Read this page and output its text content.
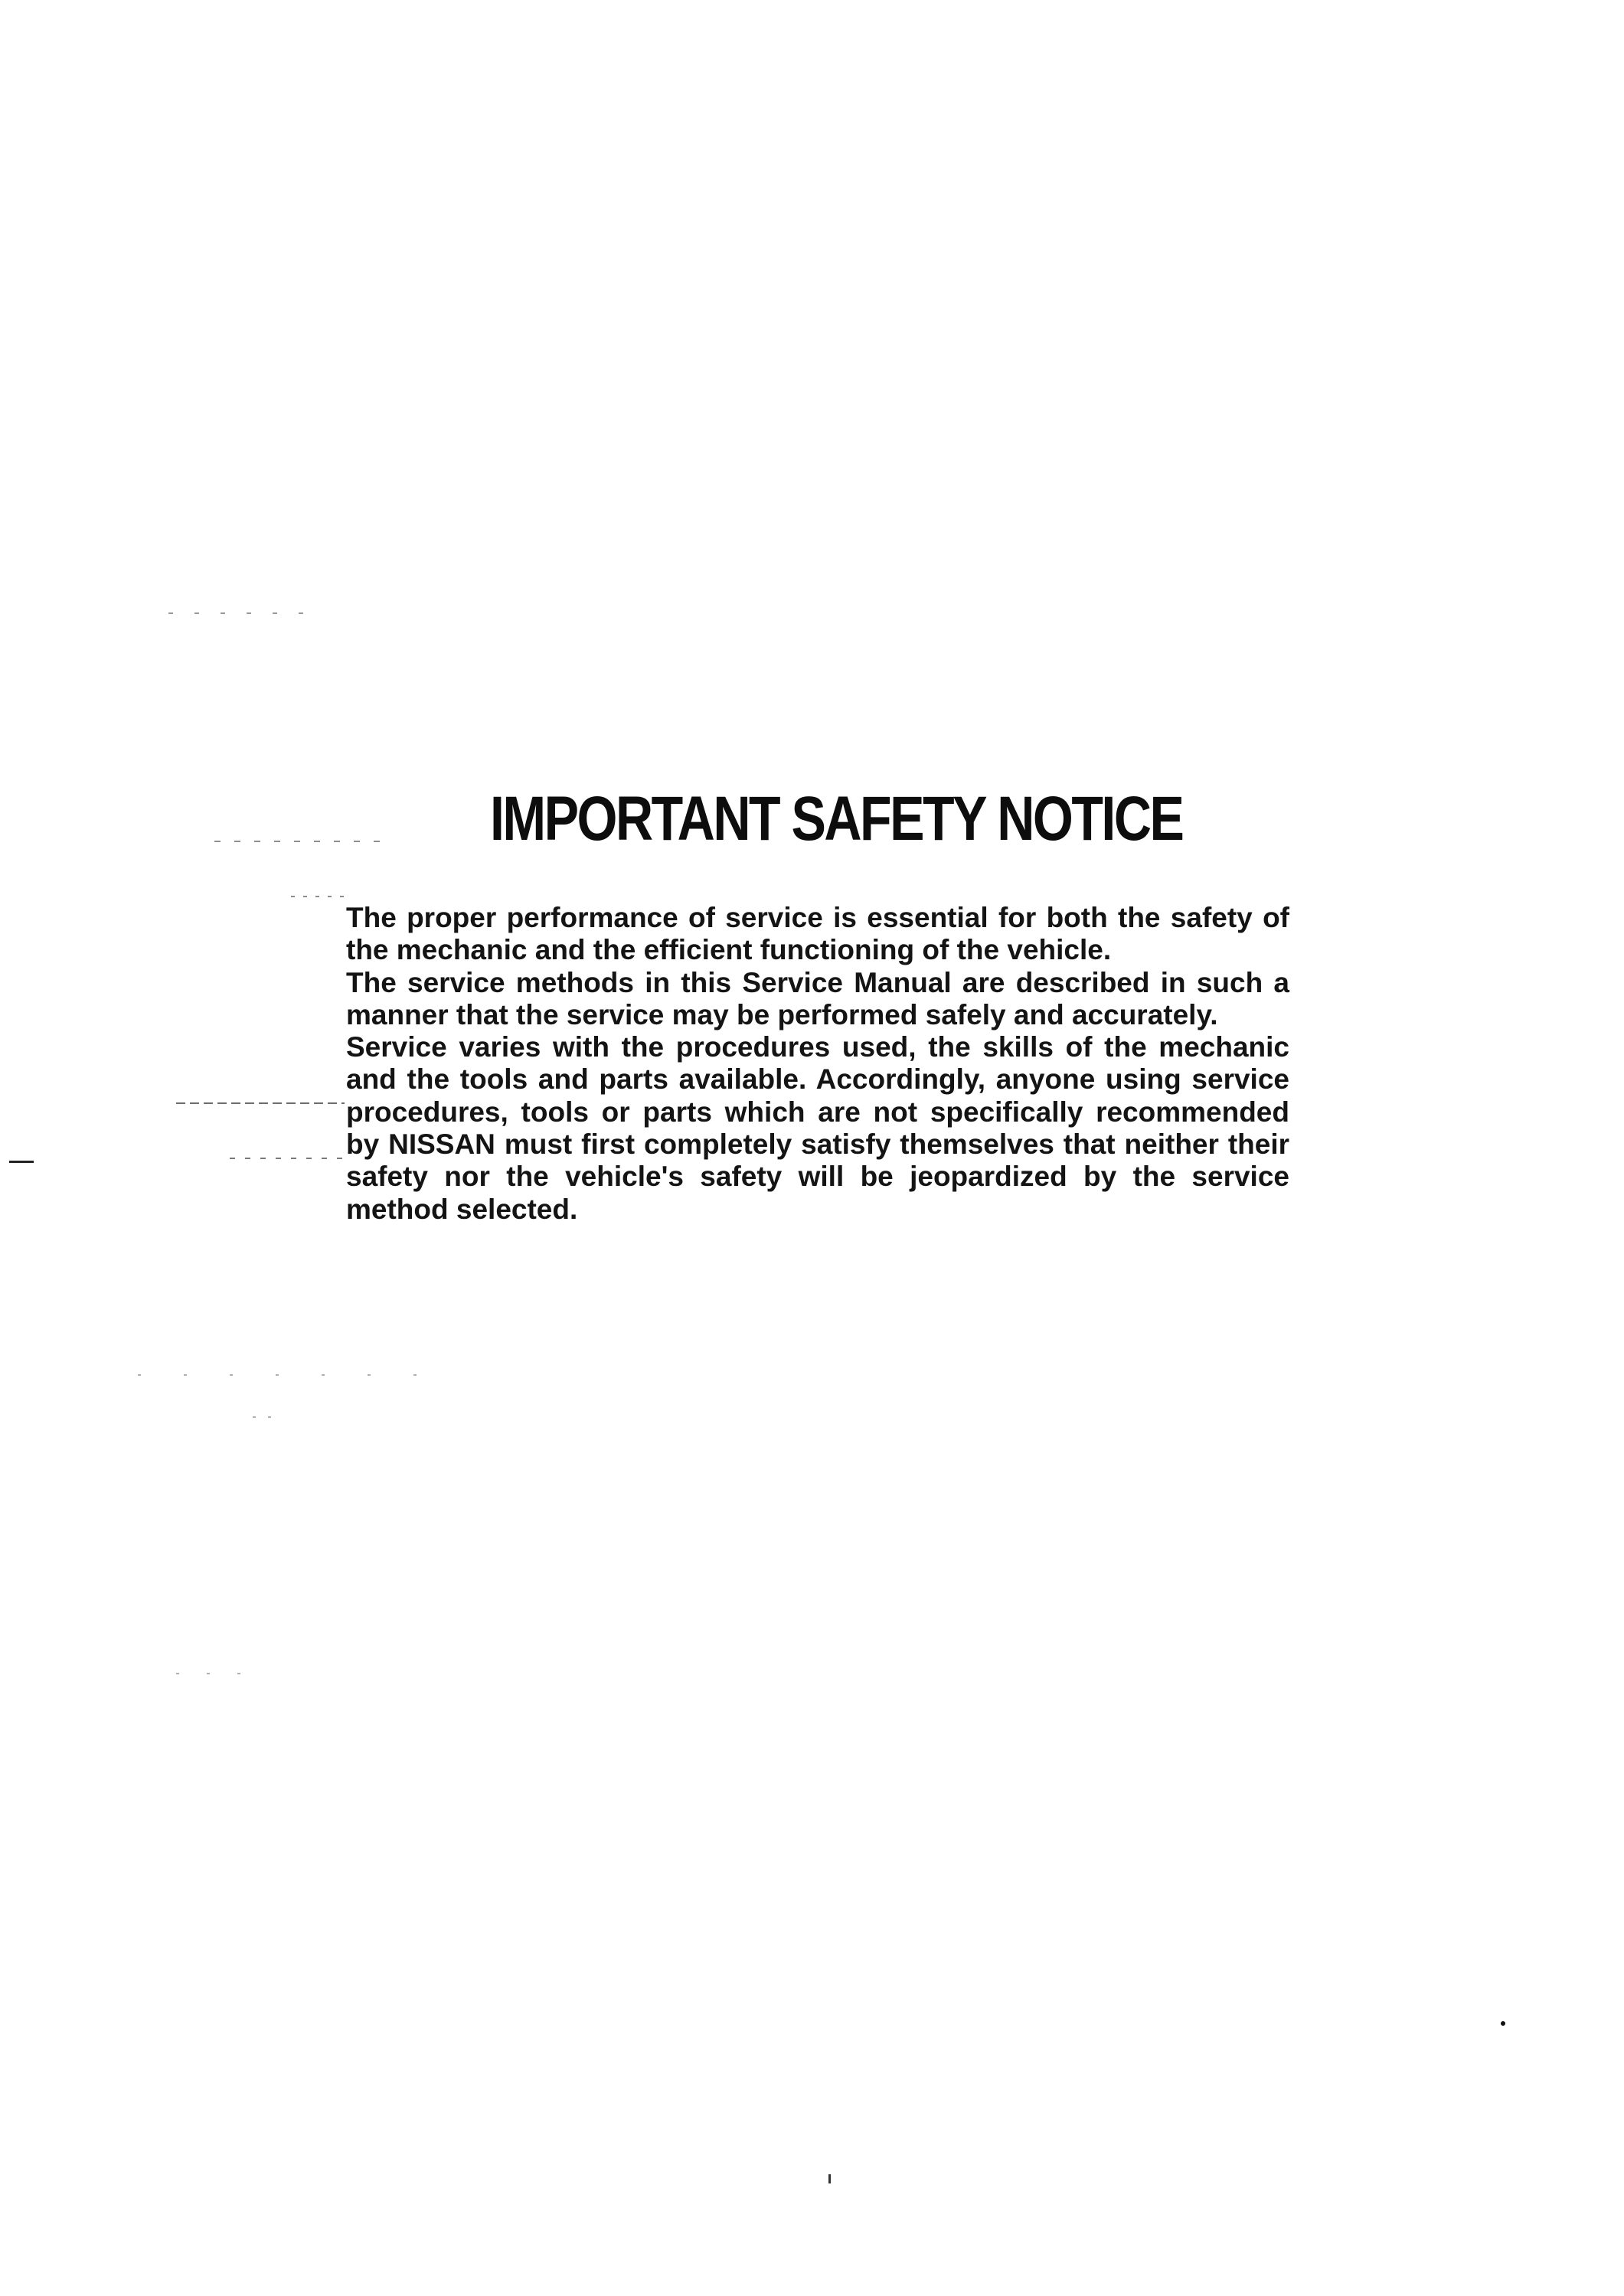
IMPORTANT SAFETY NOTICE

The proper performance of service is essential for both the safety of the mechanic and the efficient functioning of the vehicle.

The service methods in this Service Manual are described in such a manner that the service may be performed safely and accurately.

Service varies with the procedures used, the skills of the mechanic and the tools and parts available. Accordingly, anyone using service procedures, tools or parts which are not specifically recommended by NISSAN must first completely satisfy themselves that neither their safety nor the vehicle's safety will be jeopardized by the service method selected.
